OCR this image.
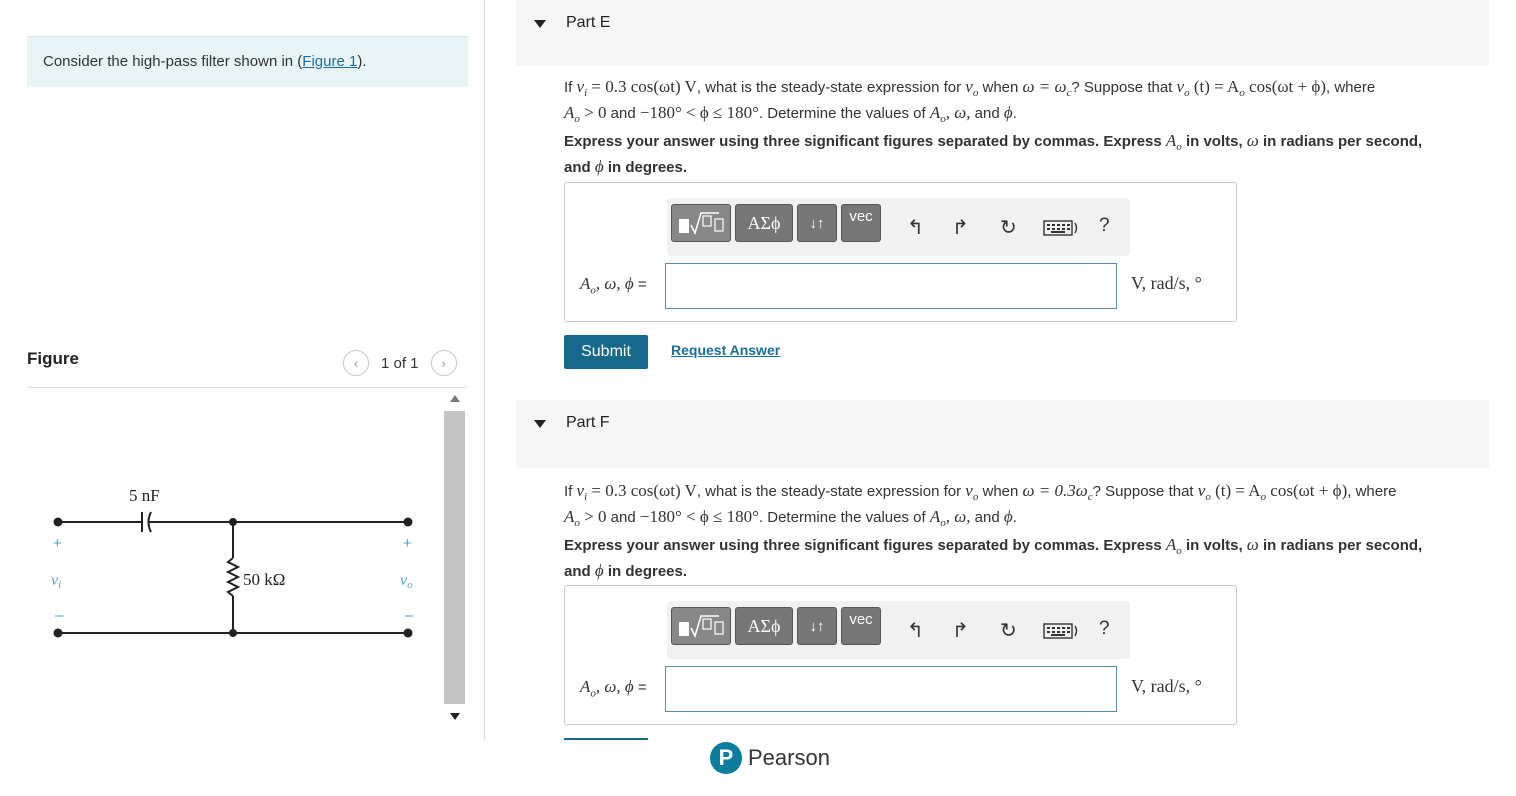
Consider the high-pass filter shown in (Figure 1).
Figure	‹	1 of 1	›
5 nF
50 kΩ
+
–
+
–
vi	vo
Part E
If $v_i = 0.3$ cos(ωt) V, what is the steady-state expression for $v_o$ when $\omega = \omega_c$? Suppose that $v_o$ $(t) = A_o$ cos(ωt + ϕ), where
$A_o > 0$ and −180° < ϕ ≤ 180°. Determine the values of $A_o$, ω, and ϕ.
Express your answer using three significant figures separated by commas. Express $A_o$ in volts, ω in radians per second,
and ϕ in degrees.
ΑΣϕ	↓↑	vec
↰ ↱ ↻	?
$A_o$, ω, ϕ =	V, rad/s, °
Submit	Request Answer
Part F
If $v_i = 0.3$ cos(ωt) V, what is the steady-state expression for $v_o$ when $\omega = 0.3\omega_c$? Suppose that $v_o$ $(t) = A_o$ cos(ωt + ϕ), where
$A_o > 0$ and −180° < ϕ ≤ 180°. Determine the values of $A_o$, ω, and ϕ.
Express your answer using three significant figures separated by commas. Express $A_o$ in volts, ω in radians per second,
and ϕ in degrees.
ΑΣϕ	↓↑	vec
↰ ↱ ↻	?
$A_o$, ω, ϕ =	V, rad/s, °
P Pearson
